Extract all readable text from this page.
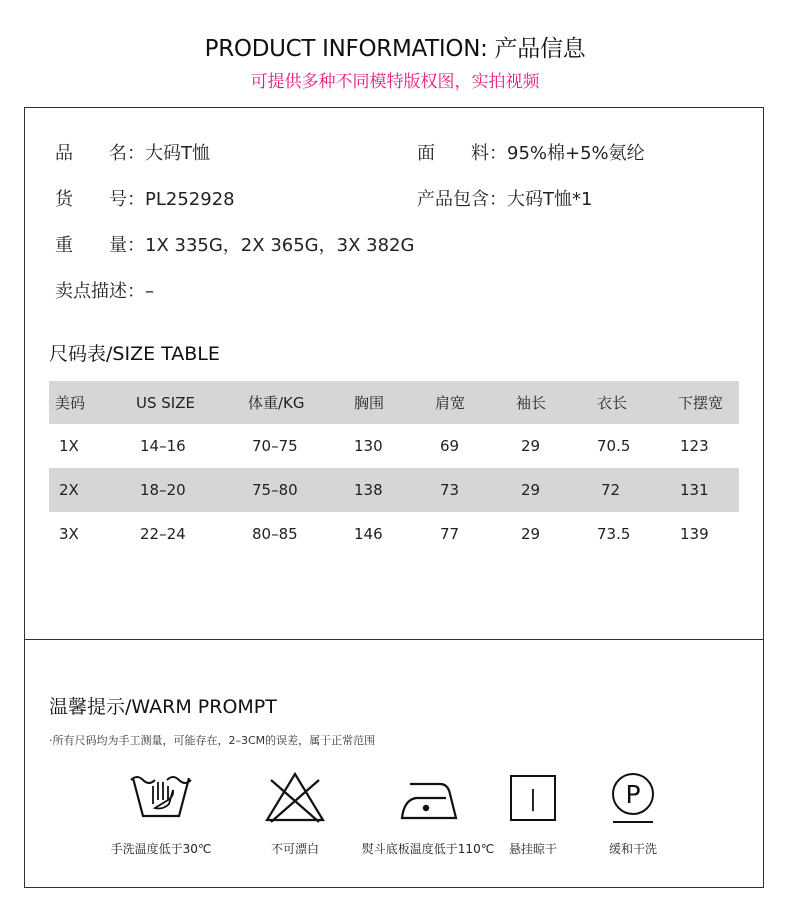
PRODUCT INFORMATION: 产品信息
可提供多种不同模特版权图，实拍视频
品　　名：大码T恤	面　　料：95%棉+5%氨纶
货　　号：PL252928	产品包含：大码T恤*1
重　　量：1X 335G，2X 365G，3X 382G
卖点描述：–
尺码表/SIZE TABLE
美码	US SIZE	体重/KG	胸围	肩宽	袖长	衣长	下摆宽
1X	14–16	70–75	130	69	29	70.5	123
2X	18–20	75–80	138	73	29	72	131
3X	22–24	80–85	146	77	29	73.5	139
温馨提示/WARM PROMPT
·所有尺码均为手工测量，可能存在，2–3CM的误差，属于正常范围
手洗温度低于30℃	不可漂白	熨斗底板温度低于110℃
|
悬挂晾干
P
缓和干洗
